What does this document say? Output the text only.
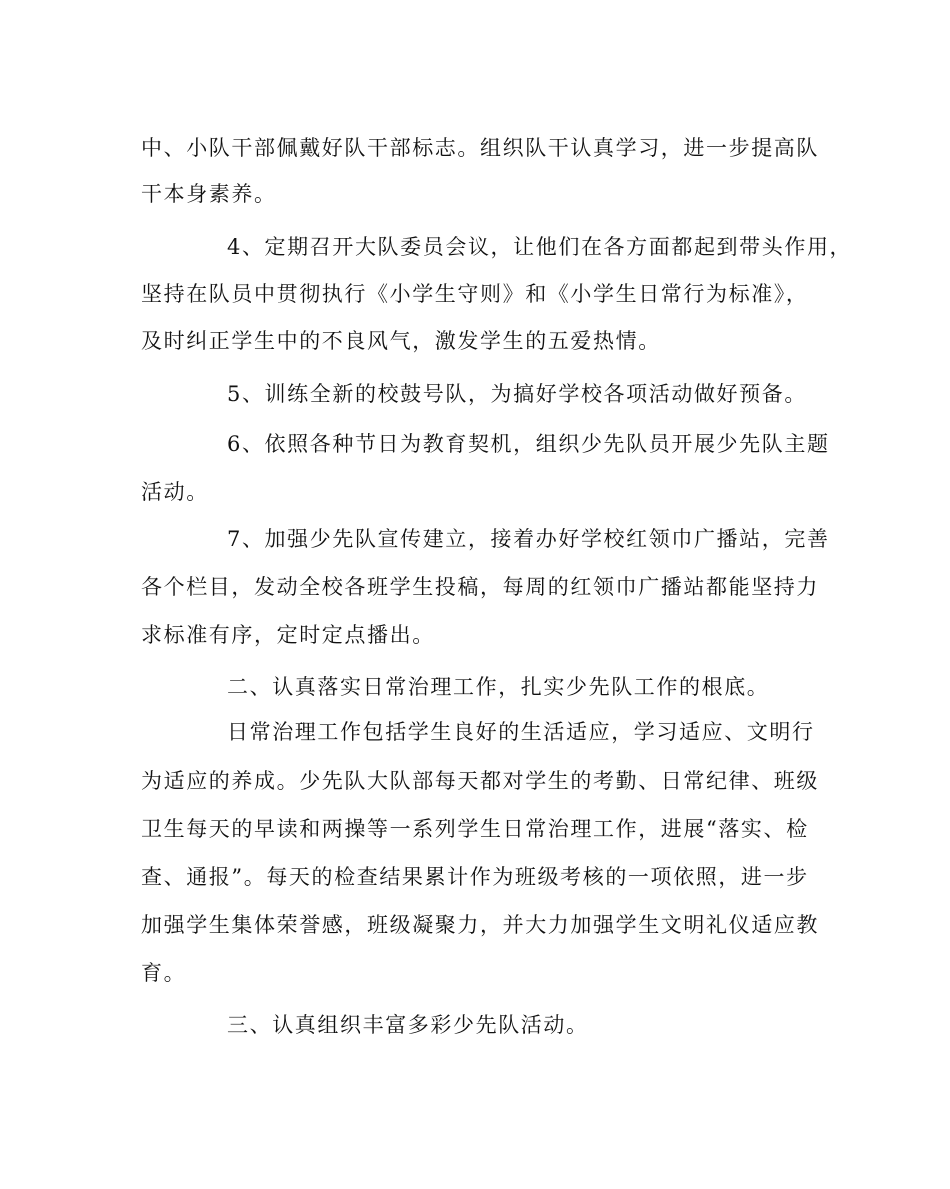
中、小队干部佩戴好队干部标志。组织队干认真学习，进一步提高队
干本身素养。
4、定期召开大队委员会议，让他们在各方面都起到带头作用，
坚持在队员中贯彻执行《小学生守则》和《小学生日常行为标准》，
及时纠正学生中的不良风气，激发学生的五爱热情。
5、训练全新的校鼓号队，为搞好学校各项活动做好预备。
6、依照各种节日为教育契机，组织少先队员开展少先队主题
活动。
7、加强少先队宣传建立，接着办好学校红领巾广播站，完善
各个栏目，发动全校各班学生投稿，每周的红领巾广播站都能坚持力
求标准有序，定时定点播出。
二、认真落实日常治理工作，扎实少先队工作的根底。
日常治理工作包括学生良好的生活适应，学习适应、文明行
为适应的养成。少先队大队部每天都对学生的考勤、日常纪律、班级
卫生每天的早读和两操等一系列学生日常治理工作，进展“落实、检
查、通报”。每天的检查结果累计作为班级考核的一项依照，进一步
加强学生集体荣誉感，班级凝聚力，并大力加强学生文明礼仪适应教
育。
三、认真组织丰富多彩少先队活动。
